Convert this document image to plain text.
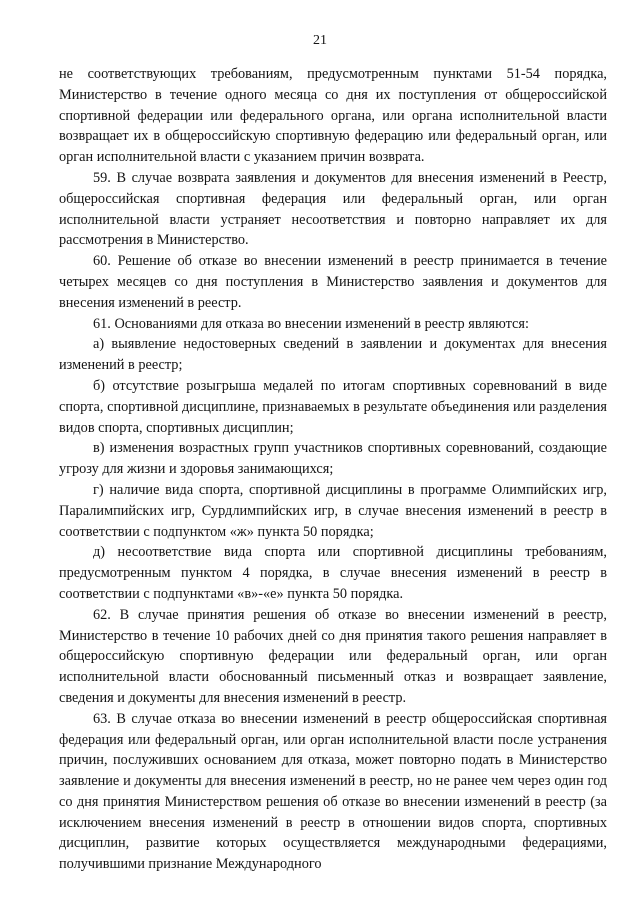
21

не соответствующих требованиям, предусмотренным пунктами 51-54 порядка, Министерство в течение одного месяца со дня их поступления от общероссийской спортивной федерации или федерального органа, или органа исполнительной власти возвращает их в общероссийскую спортивную федерацию или федеральный орган, или орган исполнительной власти с указанием причин возврата.

59. В случае возврата заявления и документов для внесения изменений в Реестр, общероссийская спортивная федерация или федеральный орган, или орган исполнительной власти устраняет несоответствия и повторно направляет их для рассмотрения в Министерство.

60. Решение об отказе во внесении изменений в реестр принимается в течение четырех месяцев со дня поступления в Министерство заявления и документов для внесения изменений в реестр.

61. Основаниями для отказа во внесении изменений в реестр являются:

а) выявление недостоверных сведений в заявлении и документах для внесения изменений в реестр;

б) отсутствие розыгрыша медалей по итогам спортивных соревнований в виде спорта, спортивной дисциплине, признаваемых в результате объединения или разделения видов спорта, спортивных дисциплин;

в) изменения возрастных групп участников спортивных соревнований, создающие угрозу для жизни и здоровья занимающихся;

г) наличие вида спорта, спортивной дисциплины в программе Олимпийских игр, Паралимпийских игр, Сурдлимпийских игр, в случае внесения изменений в реестр в соответствии с подпунктом «ж» пункта 50 порядка;

д) несоответствие вида спорта или спортивной дисциплины требованиям, предусмотренным пунктом 4 порядка, в случае внесения изменений в реестр в соответствии с подпунктами «в»-«е» пункта 50 порядка.

62. В случае принятия решения об отказе во внесении изменений в реестр, Министерство в течение 10 рабочих дней со дня принятия такого решения направляет в общероссийскую спортивную федерации или федеральный орган, или орган исполнительной власти обоснованный письменный отказ и возвращает заявление, сведения и документы для внесения изменений в реестр.

63. В случае отказа во внесении изменений в реестр общероссийская спортивная федерация или федеральный орган, или орган исполнительной власти после устранения причин, послуживших основанием для отказа, может повторно подать в Министерство заявление и документы для внесения изменений в реестр, но не ранее чем через один год со дня принятия Министерством решения об отказе во внесении изменений в реестр (за исключением внесения изменений в реестр в отношении видов спорта, спортивных дисциплин, развитие которых осуществляется международными федерациями, получившими признание Международного
